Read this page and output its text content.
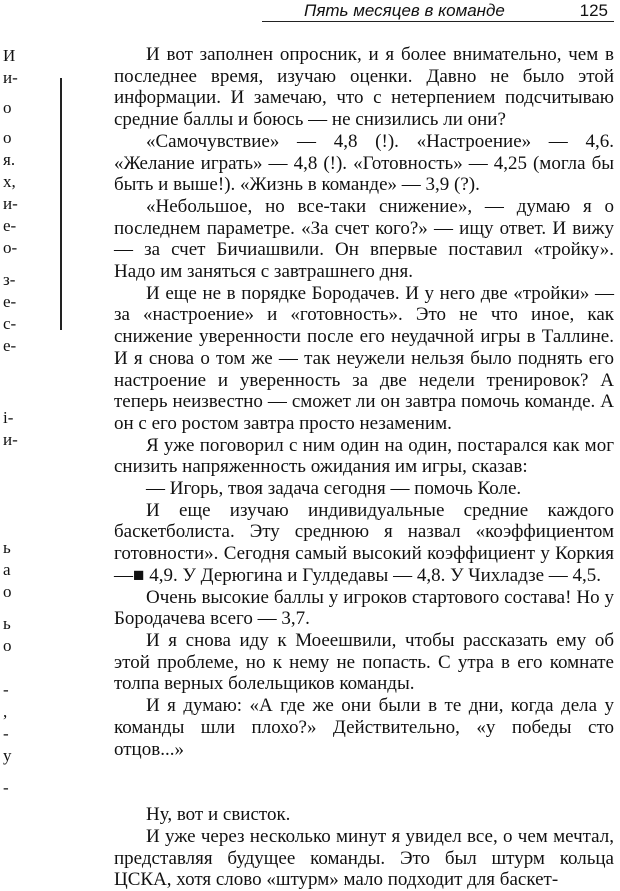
Пять месяцев в команде	125
И
и-
о
о
я.
х,
и-
е-
о-
з-
е-
с-
е-
і-
и-
ь
а
о
ь
о
-
,
-
у
-

И вот заполнен опросник, и я более внимательно, чем в последнее время, изучаю оценки. Давно не было этой информации. И замечаю, что с нетерпением подсчитываю средние баллы и боюсь — не снизились ли они?

«Самочувствие» — 4,8 (!). «Настроение» — 4,6. «Желание играть» — 4,8 (!). «Готовность» — 4,25 (могла бы быть и выше!). «Жизнь в команде» — 3,9 (?).

«Небольшое, но все-таки снижение», — думаю я о последнем параметре. «За счет кого?» — ищу ответ. И вижу — за счет Бичиашвили. Он впервые поставил «тройку». Надо им заняться с завтрашнего дня.

И еще не в порядке Бородачев. И у него две «тройки» — за «настроение» и «готовность». Это не что иное, как снижение уверенности после его неудачной игры в Таллине. И я снова о том же — так неужели нельзя было поднять его настроение и уверенность за две недели тренировок? А теперь неизвестно — сможет ли он завтра помочь команде. А он с его ростом завтра просто незаменим.

Я уже поговорил с ним один на один, постарался как мог снизить напряженность ожидания им игры, сказав:

— Игорь, твоя задача сегодня — помочь Коле.

И еще изучаю индивидуальные средние каждого баскетболиста. Эту среднюю я назвал «коэффициентом готовности». Сегодня самый высокий коэффициент у Коркия —■ 4,9. У Дерюгина и Гулдедавы — 4,8. У Чихладзе — 4,5.

Очень высокие баллы у игроков стартового состава! Но у Бородачева всего — 3,7.

И я снова иду к Моеешвили, чтобы рассказать ему об этой проблеме, но к нему не попасть. С утра в его комнате толпа верных болельщиков команды.

И я думаю: «А где же они были в те дни, когда дела у команды шли плохо?» Действительно, «у победы сто отцов...»

Ну, вот и свисток.

И уже через несколько минут я увидел все, о чем мечтал, представляя будущее команды. Это был штурм кольца ЦСКА, хотя слово «штурм» мало подходит для баскет-
